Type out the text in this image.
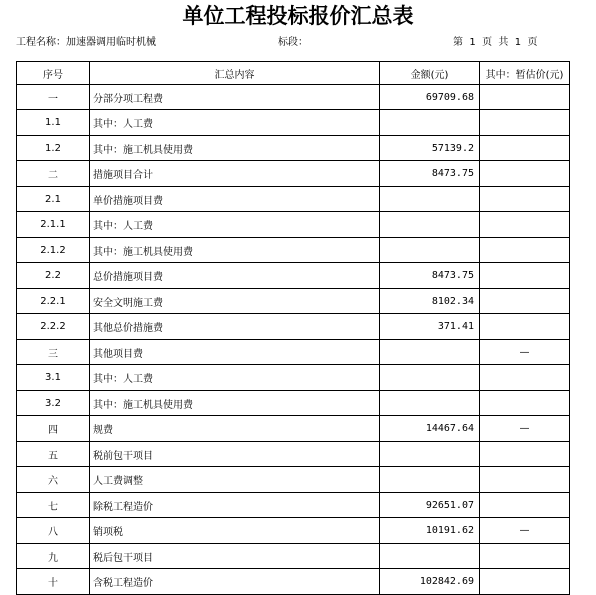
单位工程投标报价汇总表
工程名称：加速器调用临时机械	标段：	第  1  页  共  1  页
序号	汇总内容	金额(元)	其中：暂估价(元)
一	分部分项工程费	69709.68	
1.1	其中：人工费		
1.2	其中：施工机具使用费	57139.2	
二	措施项目合计	8473.75	
2.1	单价措施项目费		
2.1.1	其中：人工费		
2.1.2	其中：施工机具使用费		
2.2	总价措施项目费	8473.75	
2.2.1	安全文明施工费	8102.34	
2.2.2	其他总价措施费	371.41	
三	其他项目费		—
3.1	其中：人工费		
3.2	其中：施工机具使用费		
四	规费	14467.64	—
五	税前包干项目		
六	人工费调整		
七	除税工程造价	92651.07	
八	销项税	10191.62	—
九	税后包干项目		
十	含税工程造价	102842.69	
